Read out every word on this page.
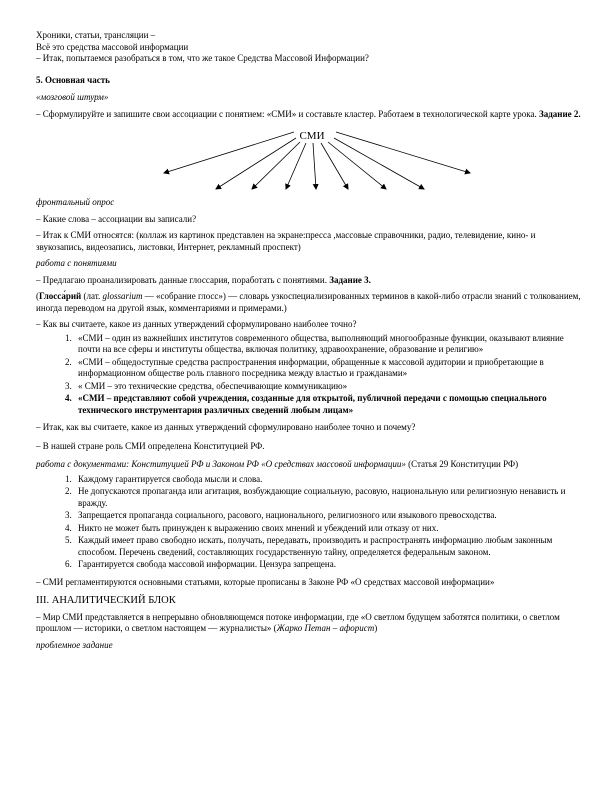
Хроники, статьи, трансляции –

Всё это средства массовой информации

– Итак, попытаемся разобраться в том, что же такое Средства Массовой Информации?

5. Основная часть

«мозговой штурм»

– Сформулируйте и запишите свои ассоциации с понятием: «СМИ» и составьте кластер. Работаем в технологической карте урока. Задание 2.

СМИ

фронтальный опрос

– Какие слова – ассоциации вы записали?

– Итак к СМИ относятся: (коллаж из картинок представлен на экране:пресса ,массовые справочники, радио, телевидение, кино- и звукозапись, видеозапись, листовки, Интернет, рекламный проспект)

работа с понятиями

– Предлагаю проанализировать данные глоссария, поработать с понятиями. Задание 3.

(Глосса́рий (лат. glossarium — «собрание глосс») — словарь узкоспециализированных терминов в какой-либо отрасли знаний с толкованием, иногда переводом на другой язык, комментариями и примерами.)

– Как вы считаете, какое из данных утверждений сформулировано наиболее точно?

1. «СМИ – один из важнейших институтов современного общества, выполняющий многообразные функции, оказывают влияние почти на все сферы и институты общества, включая политику, здравоохранение, образование и религию»
2. «СМИ – общедоступные средства распространения информации, обращенные к массовой аудитории и приобретающие в информационном обществе роль главного посредника между властью и гражданами»
3. « СМИ – это технические средства, обеспечивающие коммуникацию»
4. «СМИ – представляют собой учреждения, созданные для открытой, публичной передачи с помощью специального технического инструментария различных сведений любым лицам»

– Итак, как вы считаете, какое из данных утверждений сформулировано наиболее точно и почему?

– В нашей стране роль СМИ определена Конституцией РФ.

работа с документами: Конституцией РФ и Законом РФ «О средствах массовой информации» (Статья 29 Конституции РФ)

1. Каждому гарантируется свобода мысли и слова.
2. Не допускаются пропаганда или агитация, возбуждающие социальную, расовую, национальную или религиозную ненависть и вражду.
3. Запрещается пропаганда социального, расового, национального, религиозного или языкового превосходства.
4. Никто не может быть принужден к выражению своих мнений и убеждений или отказу от них.
5. Каждый имеет право свободно искать, получать, передавать, производить и распространять информацию любым законным способом. Перечень сведений, составляющих государственную тайну, определяется федеральным законом.
6. Гарантируется свобода массовой информации. Цензура запрещена.

– СМИ регламентируются основными статьями, которые прописаны в Законе РФ «О средствах массовой информации»

III. АНАЛИТИЧЕСКИЙ БЛОК

– Мир СМИ представляется в непрерывно обновляющемся потоке информации, где «О светлом будущем заботятся политики, о светлом прошлом — историки, о светлом настоящем — журналисты» (Жарко Петан – афорист)

проблемное задание
